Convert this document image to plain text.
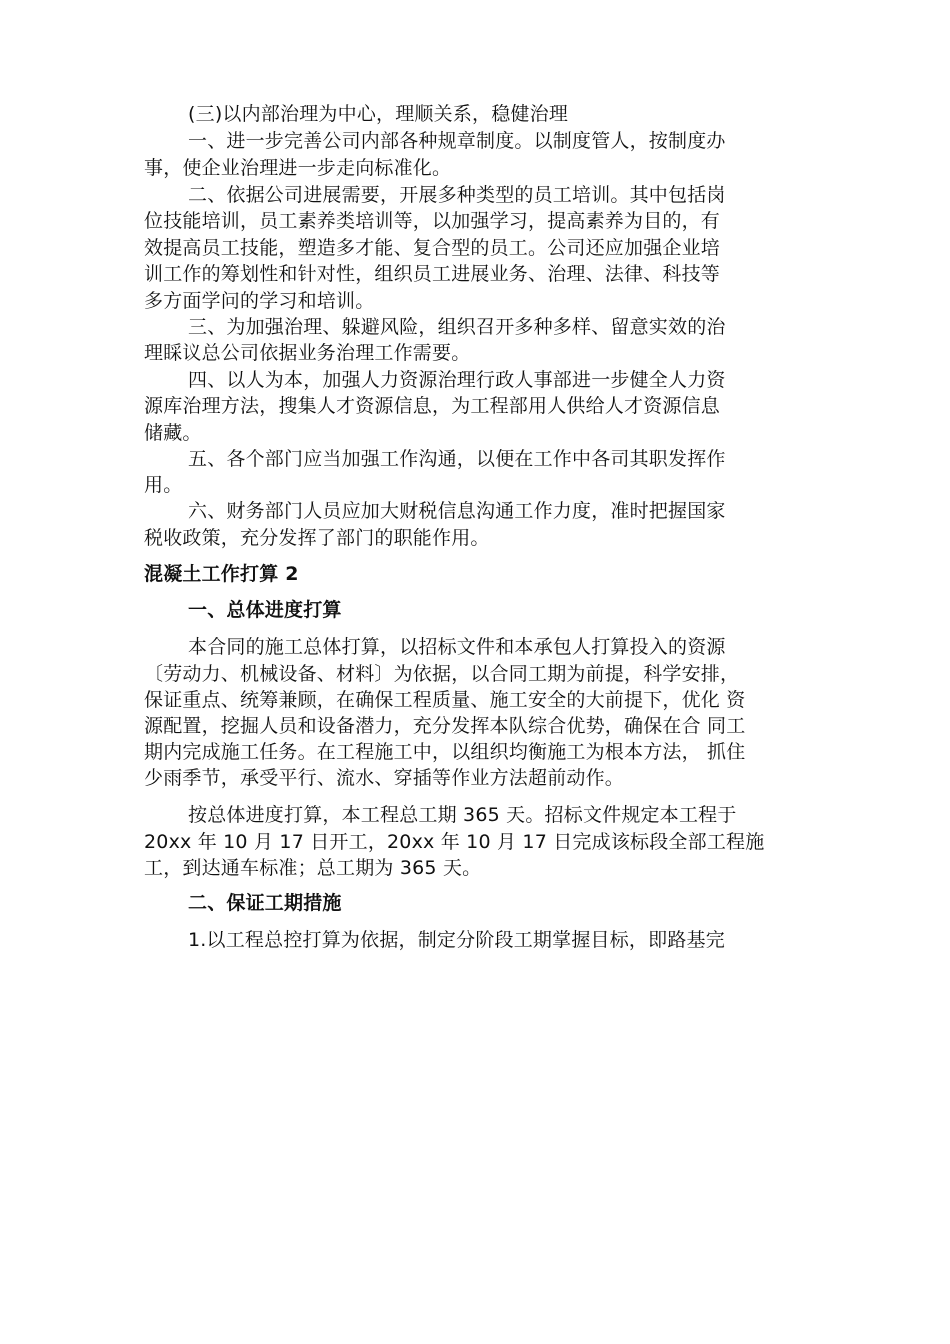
(三)以内部治理为中心，理顺关系，稳健治理
一、进一步完善公司内部各种规章制度。以制度管人，按制度办
事，使企业治理进一步走向标准化。
二、依据公司进展需要，开展多种类型的员工培训。其中包括岗
位技能培训，员工素养类培训等，以加强学习，提高素养为目的，有
效提高员工技能，塑造多才能、复合型的员工。公司还应加强企业培
训工作的筹划性和针对性，组织员工进展业务、治理、法律、科技等
多方面学问的学习和培训。
三、为加强治理、躲避风险，组织召开多种多样、留意实效的治
理睬议总公司依据业务治理工作需要。
四、以人为本，加强人力资源治理行政人事部进一步健全人力资
源库治理方法，搜集人才资源信息，为工程部用人供给人才资源信息
储藏。
五、各个部门应当加强工作沟通，以便在工作中各司其职发挥作
用。
六、财务部门人员应加大财税信息沟通工作力度，准时把握国家
税收政策，充分发挥了部门的职能作用。
混凝土工作打算 2
一、总体进度打算
本合同的施工总体打算，以招标文件和本承包人打算投入的资源
〔劳动力、机械设备、材料〕为依据，以合同工期为前提，科学安排，
保证重点、统筹兼顾，在确保工程质量、施工安全的大前提下，优化 资
源配置，挖掘人员和设备潜力，充分发挥本队综合优势，确保在合 同工
期内完成施工任务。在工程施工中，以组织均衡施工为根本方法， 抓住
少雨季节，承受平行、流水、穿插等作业方法超前动作。
按总体进度打算，本工程总工期 365 天。招标文件规定本工程于
20xx 年 10 月 17 日开工，20xx 年 10 月 17 日完成该标段全部工程施
工，到达通车标准；总工期为 365 天。
二、保证工期措施
1.以工程总控打算为依据，制定分阶段工期掌握目标，即路基完
